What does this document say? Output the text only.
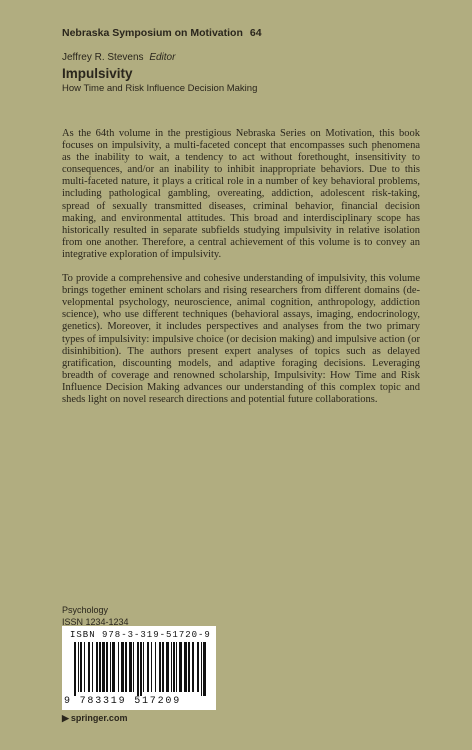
Nebraska Symposium on Motivation 64
Jeffrey R. Stevens Editor
Impulsivity
How Time and Risk Influence Decision Making

As the 64th volume in the prestigious Nebraska Series on Motivation, this book focuses on impulsivity, a multi-faceted concept that encompasses such phenomena as the inability to wait, a tendency to act without forethought, insensitivity to consequences, and/or an inability to inhibit inappropriate behaviors. Due to this multi-faceted nature, it plays a critical role in a number of key behavioral problems, including pathological gambling, overeating, addiction, adolescent risk-taking, spread of sexually transmitted diseases, criminal behavior, financial decision making, and environmental attitudes. This broad and interdisciplinary scope has historically resulted in separate subfields studying impulsivity in relative isolation from one another. Therefore, a central achievement of this volume is to convey an integrative exploration of impulsivity.

To provide a comprehensive and cohesive understanding of impulsivity, this volume brings together eminent scholars and rising researchers from different domains (developmental psychology, neuroscience, animal cognition, anthropology, addiction science), who use different techniques (behavioral assays, imaging, endocrinology, genetics). Moreover, it includes perspectives and analyses from the two primary types of impulsivity: impulsive choice (or decision making) and impulsive action (or disinhibition). The authors present expert analyses of topics such as delayed gratification, discounting models, and adaptive foraging decisions. Leveraging breadth of coverage and renowned scholarship, Impulsivity: How Time and Risk Influence Decision Making advances our understanding of this complex topic and sheds light on novel research directions and potential future collaborations.

Psychology
ISSN 1234-1234
ISBN 978-3-319-51720-9
9 783319 517209
▶ springer.com
